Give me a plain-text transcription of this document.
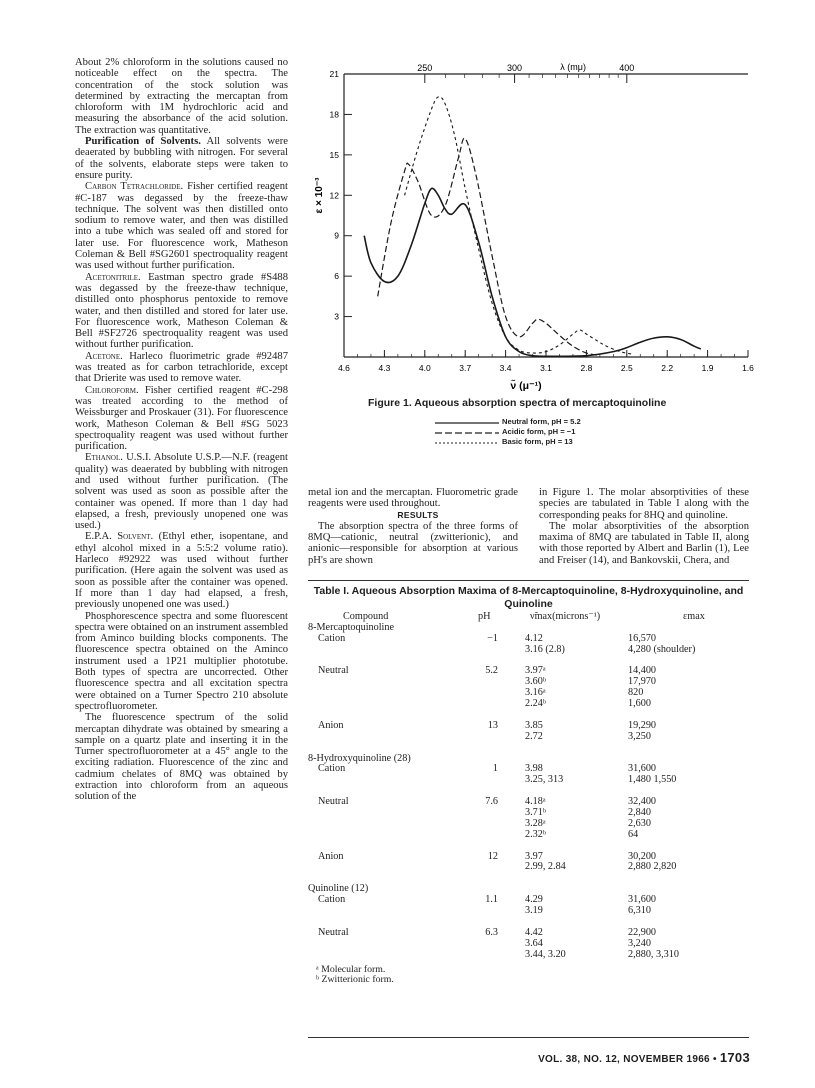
About 2% chloroform in the solutions caused no noticeable effect on the spectra. The concentration of the stock solution was determined by extracting the mercaptan from chloroform with 1M hydrochloric acid and measuring the absorbance of the acid solution. The extraction was quantitative.

Purification of Solvents. All solvents were deaerated by bubbling with nitrogen. For several of the solvents, elaborate steps were taken to ensure purity.

Carbon Tetrachloride. Fisher certified reagent #C-187 was degassed by the freeze-thaw technique. The solvent was then distilled onto sodium to remove water, and then was distilled into a tube which was sealed off and stored for later use. For fluorescence work, Matheson Coleman & Bell #SG2601 spectroquality reagent was used without further purification.

Acetonitrile. Eastman spectro grade #S488 was degassed by the freeze-thaw technique, distilled onto phosphorus pentoxide to remove water, and then distilled and stored for later use. For fluorescence work, Matheson Coleman & Bell #SF2726 spectroquality reagent was used without further purification.

Acetone. Harleco fluorimetric grade #92487 was treated as for carbon tetrachloride, except that Drierite was used to remove water.

Chloroform. Fisher certified reagent #C-298 was treated according to the method of Weissburger and Proskauer (31). For fluorescence work, Matheson Coleman & Bell #SG 5023 spectroquality reagent was used without further purification.

Ethanol. U.S.I. Absolute U.S.P.—N.F. (reagent quality) was deaerated by bubbling with nitrogen and used without further purification. (The solvent was used as soon as possible after the container was opened. If more than 1 day had elapsed, a fresh, previously unopened one was used.)

E.P.A. Solvent. (Ethyl ether, isopentane, and ethyl alcohol mixed in a 5:5:2 volume ratio). Harleco #92922 was used without further purification. (Here again the solvent was used as soon as possible after the container was opened. If more than 1 day had elapsed, a fresh, previously unopened one was used.)

Phosphorescence spectra and some fluorescent spectra were obtained on an instrument assembled from Aminco building blocks components. The fluorescence spectra obtained on the Aminco instrument used a 1P21 multiplier phototube. Both types of spectra are uncorrected. Other fluorescence spectra and all excitation spectra were obtained on a Turner Spectro 210 absolute spectrofluorometer.

The fluorescence spectrum of the solid mercaptan dihydrate was obtained by smearing a sample on a quartz plate and inserting it in the Turner spectrofluorometer at a 45° angle to the exciting radiation. Fluorescence of the zinc and cadmium chelates of 8MQ was obtained by extraction into chloroform from an aqueous solution of the

λ (mμ)
ε × 10⁻³
ν̃ (μ⁻¹)
4.6	4.3	4.0	3.7	3.4	3.1	2.8	2.5	2.2	1.9	1.6
3
6
9
12
15
18
21
250	300	400
Figure 1. Aqueous absorption spectra of mercaptoquinoline
Neutral form, pH = 5.2
Acidic form, pH = −1
Basic form, pH = 13

metal ion and the mercaptan. Fluorometric grade reagents were used throughout.

RESULTS

The absorption spectra of the three forms of 8MQ—cationic, neutral (zwitterionic), and anionic—responsible for absorption at various pH's are shown

in Figure 1. The molar absorptivities of these species are tabulated in Table I along with the corresponding peaks for 8HQ and quinoline.

The molar absorptivities of the absorption maxima of 8MQ are tabulated in Table II, along with those reported by Albert and Barlin (1), Lee and Freiser (14), and Bankovskii, Chera, and

Table I. Aqueous Absorption Maxima of 8-Mercaptoquinoline, 8-Hydroxyquinoline, and Quinoline
Compound	pH	ν̃max(microns⁻¹)	εmax
8-Mercaptoquinoline
Cation	−1	4.12	16,570
3.16 (2.8)	4,280 (shoulder)
Neutral	5.2	3.97ᵃ	14,400
3.60ᵇ	17,970
3.16ᵃ	820
2.24ᵇ	1,600
Anion	13	3.85	19,290
2.72	3,250
8-Hydroxyquinoline (28)
Cation	1	3.98	31,600
3.25, 313	1,480 1,550
Neutral	7.6	4.18ᵃ	32,400
3.71ᵇ	2,840
3.28ᵃ	2,630
2.32ᵇ	64
Anion	12	3.97	30,200
2.99, 2.84	2,880 2,820
Quinoline (12)
Cation	1.1	4.29	31,600
3.19	6,310
Neutral	6.3	4.42	22,900
3.64	3,240
3.44, 3.20	2,880, 3,310
ᵃ Molecular form.
ᵇ Zwitterionic form.
VOL. 38, NO. 12, NOVEMBER 1966 • 1703
